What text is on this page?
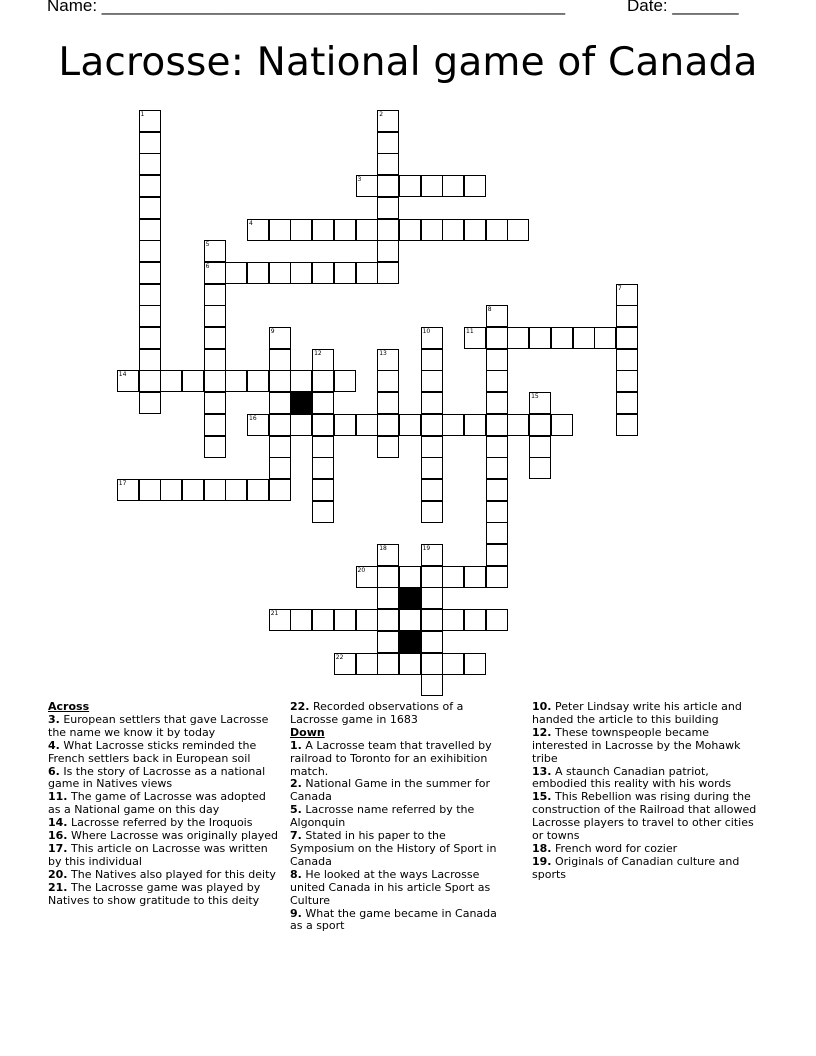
Name: _________________________________________________	Date: _______
Lacrosse: National game of Canada
1	2
3
4
5
6
7
8
9	10	11
12	13
14
15
16
17
18	19
20
21
22
Across
3. European settlers that gave Lacrosse the name we know it by today
4. What Lacrosse sticks reminded the French settlers back in European soil
6. Is the story of Lacrosse as a national game in Natives views
11. The game of Lacrosse was adopted as a National game on this day
14. Lacrosse referred by the Iroquois
16. Where Lacrosse was originally played
17. This article on Lacrosse was written by this individual
20. The Natives also played for this deity
21. The Lacrosse game was played by Natives to show gratitude to this deity
22. Recorded observations of a Lacrosse game in 1683
Down
1. A Lacrosse team that travelled by railroad to Toronto for an exihibition match.
2. National Game in the summer for Canada
5. Lacrosse name referred by the Algonquin
7. Stated in his paper to the Symposium on the History of Sport in Canada
8. He looked at the ways Lacrosse united Canada in his article Sport as Culture
9. What the game became in Canada as a sport
10. Peter Lindsay write his article and handed the article to this building
12. These townspeople became interested in Lacrosse by the Mohawk tribe
13. A staunch Canadian patriot, embodied this reality with his words
15. This Rebellion was rising during the construction of the Railroad that allowed Lacrosse players to travel to other cities or towns
18. French word for cozier
19. Originals of Canadian culture and sports
